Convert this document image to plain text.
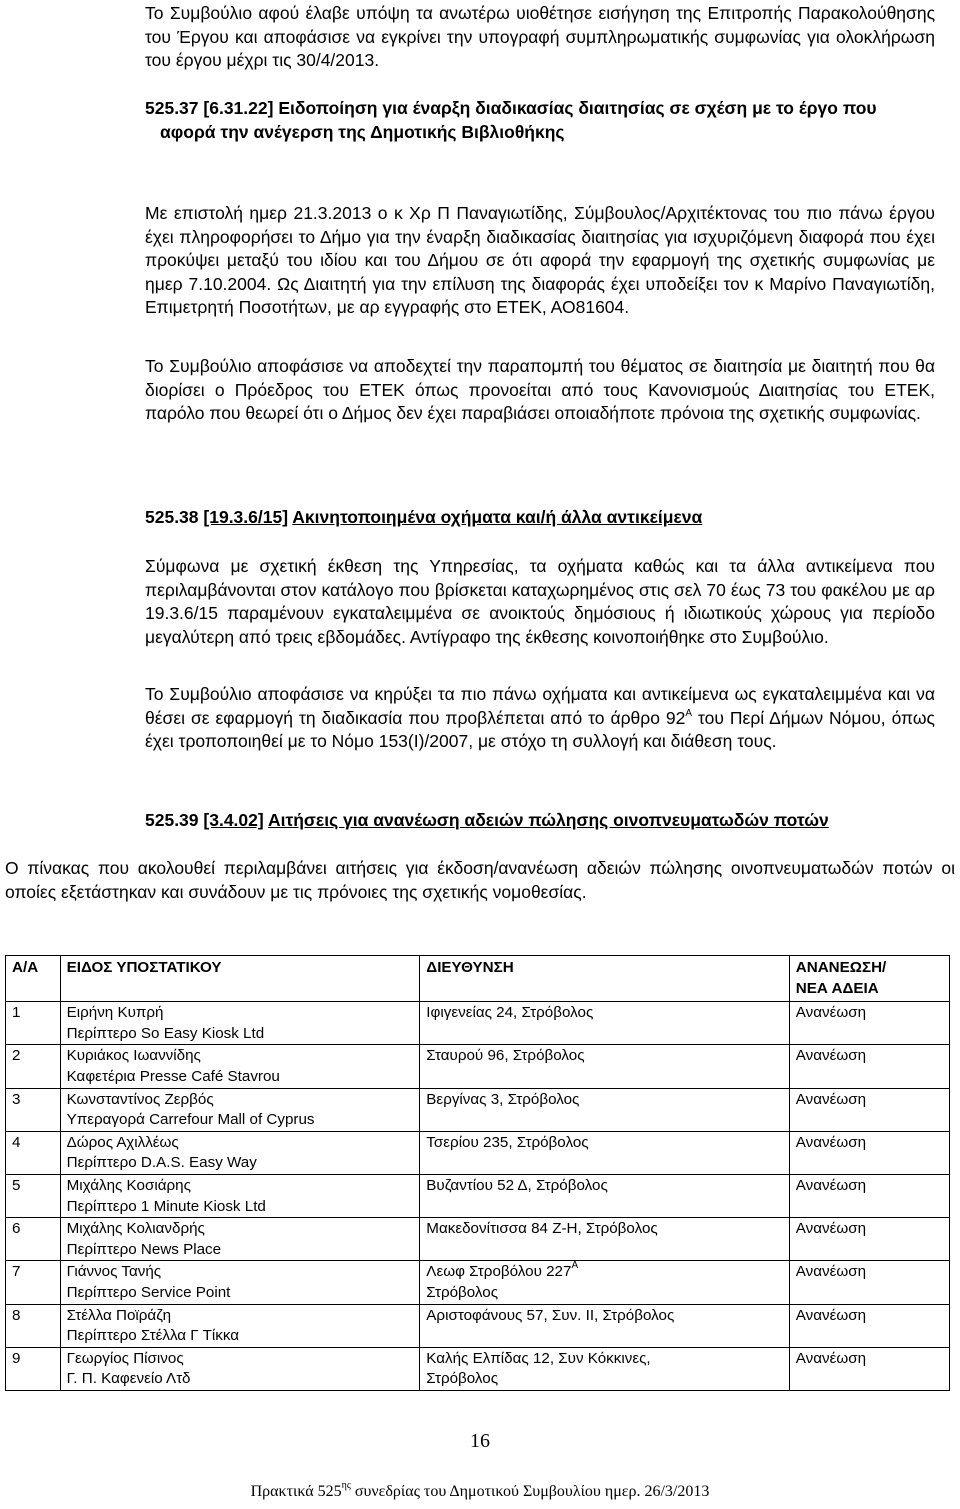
Το Συμβούλιο αφού έλαβε υπόψη τα ανωτέρω υιοθέτησε εισήγηση της Επιτροπής Παρακολούθησης του Έργου και αποφάσισε να εγκρίνει την υπογραφή συμπληρωματικής συμφωνίας για ολοκλήρωση του έργου μέχρι τις 30/4/2013.

525.37 [6.31.22] Ειδοποίηση για έναρξη διαδικασίας διαιτησίας σε σχέση με το έργο που
αφορά την ανέγερση της Δημοτικής Βιβλιοθήκης

Με επιστολή ημερ 21.3.2013 ο κ Χρ Π Παναγιωτίδης, Σύμβουλος/Αρχιτέκτονας του πιο πάνω έργου έχει πληροφορήσει το Δήμο για την έναρξη διαδικασίας διαιτησίας για ισχυριζόμενη διαφορά που έχει προκύψει μεταξύ του ιδίου και του Δήμου σε ότι αφορά την εφαρμογή της σχετικής συμφωνίας με ημερ 7.10.2004. Ως Διαιτητή για την επίλυση της διαφοράς έχει υποδείξει τον κ Μαρίνο Παναγιωτίδη, Επιμετρητή Ποσοτήτων, με αρ εγγραφής στο ΕΤΕΚ, ΑΟ81604.

Το Συμβούλιο αποφάσισε να αποδεχτεί την παραπομπή του θέματος σε διαιτησία με διαιτητή που θα διορίσει ο Πρόεδρος του ΕΤΕΚ όπως προνοείται από τους Κανονισμούς Διαιτησίας του ΕΤΕΚ, παρόλο που θεωρεί ότι ο Δήμος δεν έχει παραβιάσει οποιαδήποτε πρόνοια της σχετικής συμφωνίας.

525.38 [19.3.6/15] Ακινητοποιημένα οχήματα και/ή άλλα αντικείμενα

Σύμφωνα με σχετική έκθεση της Υπηρεσίας, τα οχήματα καθώς και τα άλλα αντικείμενα που περιλαμβάνονται στον κατάλογο που βρίσκεται καταχωρημένος στις σελ 70 έως 73 του φακέλου με αρ 19.3.6/15 παραμένουν εγκαταλειμμένα σε ανοικτούς δημόσιους ή ιδιωτικούς χώρους για περίοδο μεγαλύτερη από τρεις εβδομάδες. Αντίγραφο της έκθεσης κοινοποιήθηκε στο Συμβούλιο.

Το Συμβούλιο αποφάσισε να κηρύξει τα πιο πάνω οχήματα και αντικείμενα ως εγκαταλειμμένα και να θέσει σε εφαρμογή τη διαδικασία που προβλέπεται από το άρθρο $92^A$ του Περί Δήμων Νόμου, όπως έχει τροποποιηθεί με το Νόμο 153(Ι)/2007, με στόχο τη συλλογή και διάθεση τους.

525.39 [3.4.02] Αιτήσεις για ανανέωση αδειών πώλησης οινοπνευματωδών ποτών

Ο πίνακας που ακολουθεί περιλαμβάνει αιτήσεις για έκδοση/ανανέωση αδειών πώλησης οινοπνευματωδών ποτών οι οποίες εξετάστηκαν και συνάδουν με τις πρόνοιες της σχετικής νομοθεσίας.

Α/Α	ΕΙΔΟΣ ΥΠΟΣΤΑΤΙΚΟΥ	ΔΙΕΥΘΥΝΣΗ	ΑΝΑΝΕΩΣΗ/
ΝΕΑ ΑΔΕΙΑ

1	Ειρήνη Κυπρή
Περίπτερο So Easy Kiosk Ltd	Ιφιγενείας 24, Στρόβολος	Ανανέωση
2	Κυριάκος Ιωαννίδης
Καφετέρια Presse Café Stavrou	Σταυρού 96, Στρόβολος	Ανανέωση
3	Κωνσταντίνος Ζερβός
Υπεραγορά Carrefour Mall of Cyprus	Βεργίνας 3, Στρόβολος	Ανανέωση
4	Δώρος Αχιλλέως
Περίπτερο D.A.S. Easy Way	Τσερίου 235, Στρόβολος	Ανανέωση
5	Μιχάλης Κοσιάρης
Περίπτερο 1 Minute Kiosk Ltd	Βυζαντίου 52 Δ, Στρόβολος	Ανανέωση
6	Μιχάλης Κολιανδρής
Περίπτερο News Place	Μακεδονίτισσα 84 Ζ-Η, Στρόβολος	Ανανέωση
7	Γιάννος Τανής
Περίπτερο Service Point	Λεωφ Στροβόλου $227^A$
Στρόβολος	Ανανέωση
8	Στέλλα Ποϊράζη
Περίπτερο Στέλλα Γ Τίκκα	Αριστοφάνους 57, Συν. ΙΙ, Στρόβολος	Ανανέωση
9	Γεωργίος Πίσινος
Γ. Π. Καφενείο Λτδ	Καλής Ελπίδας 12, Συν Κόκκινες,
Στρόβολος	Ανανέωση
16
Πρακτικά $525^{\eta\varsigma}$ συνεδρίας του Δημοτικού Συμβουλίου ημερ. 26/3/2013
